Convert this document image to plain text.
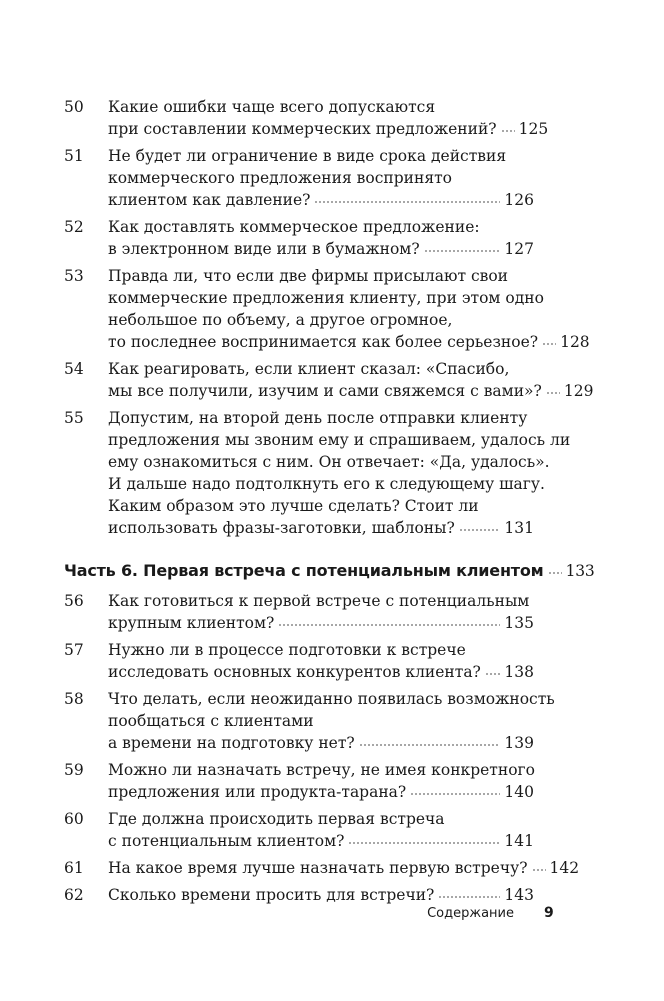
50	Какие ошибки чаще всего допускаются
при составлении коммерческих предложений? 125
51	Не будет ли ограничение в виде срока действия
коммерческого предложения воспринято
клиентом как давление?	126
52	Как доставлять коммерческое предложение:
в электронном виде или в бумажном?	127
53	Правда ли, что если две фирмы присылают свои
коммерческие предложения клиенту, при этом одно
небольшое по объему, а другое огромное,
то последнее воспринимается как более серьезное? 128
54	Как реагировать, если клиент сказал: «Спасибо,
мы все получили, изучим и сами свяжемся с вами»? 129
55	Допустим, на второй день после отправки клиенту
предложения мы звоним ему и спрашиваем, удалось ли
ему ознакомиться с ним. Он отвечает: «Да, удалось».
И дальше надо подтолкнуть его к следующему шагу.
Каким образом это лучше сделать? Стоит ли
использовать фразы-заготовки, шаблоны?	131
Часть 6. Первая встреча с потенциальным клиентом 133
56	Как готовиться к первой встрече с потенциальным
крупным клиентом?	135
57	Нужно ли в процессе подготовки к встрече
исследовать основных конкурентов клиента? 138
58	Что делать, если неожиданно появилась возможность
пообщаться с клиентами
а времени на подготовку нет?	139
59	Можно ли назначать встречу, не имея конкретного
предложения или продукта-тарана?	140
60	Где должна происходить первая встреча
с потенциальным клиентом?	141
61	На какое время лучше назначать первую встречу? 142
62	Сколько времени просить для встречи?	143
Содержание 9
